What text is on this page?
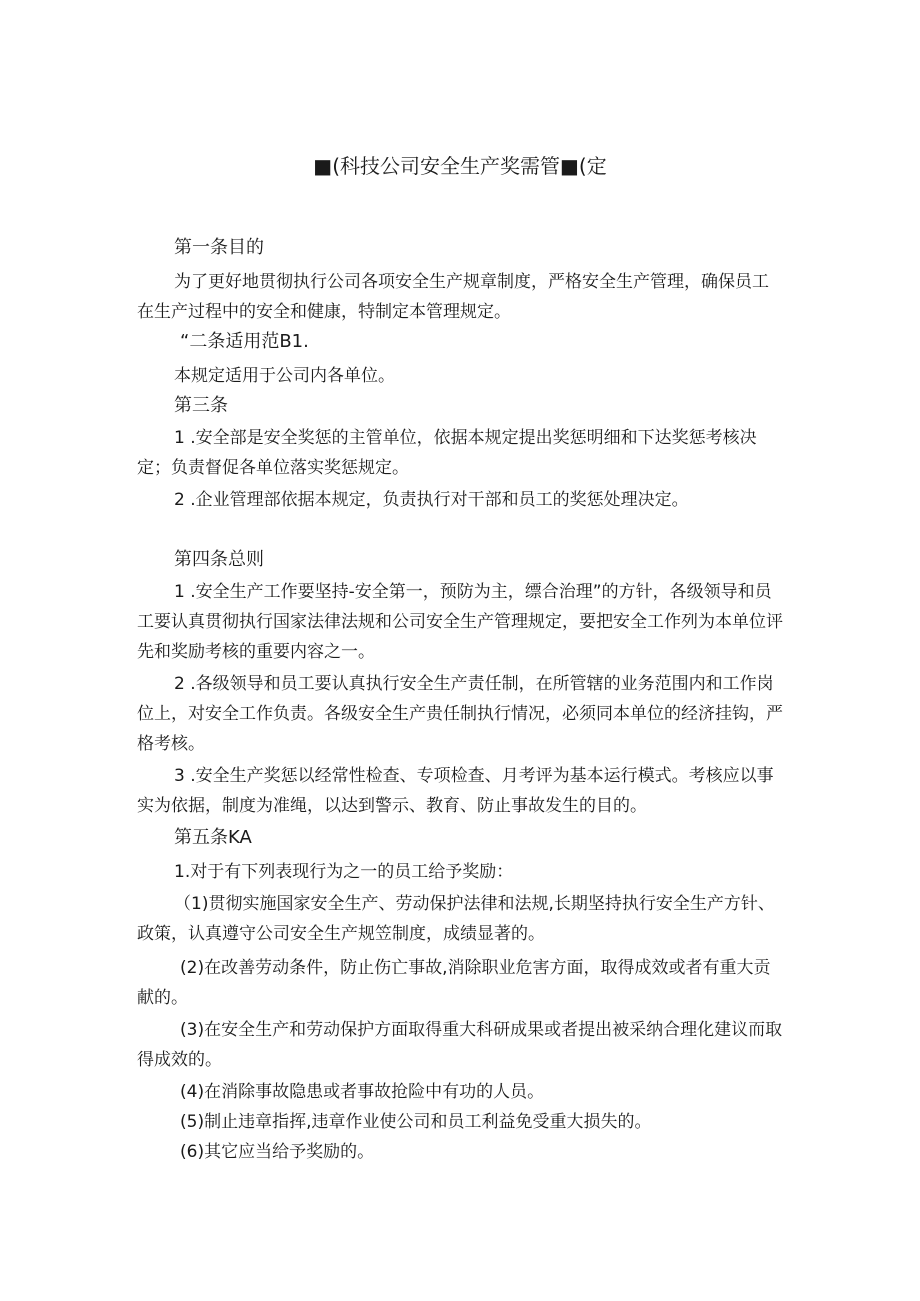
■(科技公司安全生产奖需管■(定
第一条目的
为了更好地贯彻执行公司各项安全生产规章制度，严格安全生产管理，确保员工
在生产过程中的安全和健康，特制定本管理规定。
“二条适用范B1.
本规定适用于公司内各单位。
第三条
1 .安全部是安全奖惩的主管单位，依据本规定提出奖惩明细和下达奖惩考核决
定；负责督促各单位落实奖惩规定。
2 .企业管理部依据本规定，负责执行对干部和员工的奖惩处理决定。
第四条总则
1 .安全生产工作要坚持-安全第一，预防为主，缥合治理”的方针，各级领导和员
工要认真贯彻执行国家法律法规和公司安全生产管理规定，要把安全工作列为本单位评
先和奖励考核的重要内容之一。
2 .各级领导和员工要认真执行安全生产责任制，在所管辖的业务范围内和工作岗
位上，对安全工作负责。各级安全生产贵任制执行情况，必须同本单位的经济挂钩，严
格考核。
3 .安全生产奖惩以经常性检查、专项检查、月考评为基本运行模式。考核应以事
实为依据，制度为准绳，以达到警示、教育、防止事故发生的目的。
第五条KA
1.对于有下列表现行为之一的员工给予奖励：
（1)贯彻实施国家安全生产、劳动保护法律和法规,长期坚持执行安全生产方针、
政策，认真遵守公司安全生产规笠制度，成绩显著的。
(2)在改善劳动条件，防止伤亡事故,消除职业危害方面，取得成效或者有重大贡
献的。
(3)在安全生产和劳动保护方面取得重大科研成果或者提出被采纳合理化建议而取
得成效的。
(4)在消除事故隐患或者事故抢险中有功的人员。
(5)制止违章指挥,违章作业使公司和员工利益免受重大损失的。
(6)其它应当给予奖励的。
